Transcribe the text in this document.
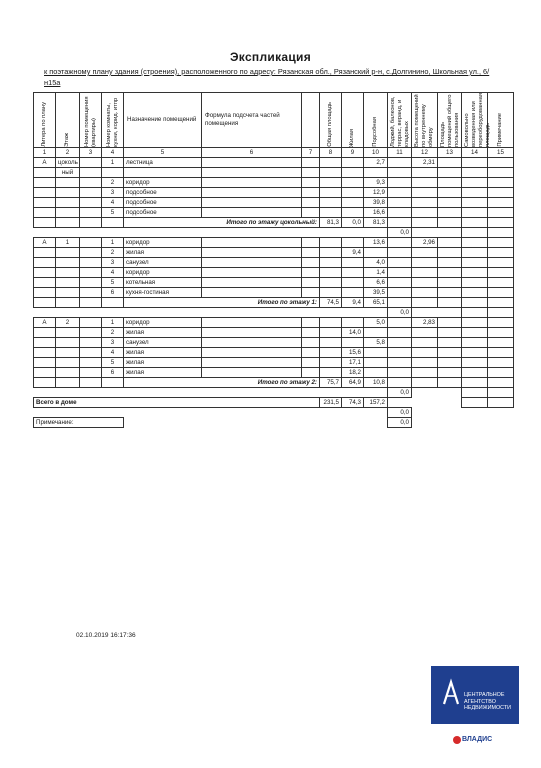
Экспликация
к поэтажному плану здания (строения), расположенного по адресу: Рязанская обл., Рязанский р-н, с.Долгинино, Школьная ул., 6/н15а
Литера по плану	Этаж	Номер помещения (квартиры)	Номер комнаты, кухни, корид. итпр	Назначение помещений	Формула подсчета частей помещения		Общая площадь	Жилая	Подсобная	Лоджий, балконов, террас, веранд, и кладовых	Высота помещений по внутреннему обмеру	Площадь помещений общего пользования	Самовольно возведенная или переоборудованная площадь	Примечание

1	2	3	4	5	6	7	8	9	10	11	12	13	14	15
А	цоколь		1	лестница					2,7		2,31			
	ный													
			2	коридор					9,3					
			3	подсобное					12,9					
			4	подсобное					39,8					
			5	подсобное					16,6					
				Итого по этажу цокольный:			81,3	0,0	81,3					
										0,0				
А	1		1	коридор					13,6		2,96			
			2	жилая				9,4						
			3	санузел					4,0					
			4	коридор					1,4					
			5	котельная					6,6					
			6	кухня-гостиная					39,5					
				Итого по этажу 1:			74,5	9,4	65,1					
										0,0				
А	2		1	коридор					5,0		2,83			
			2	жилая				14,0						
			3	санузел					5,8					
			4	жилая				15,6						
			5	жилая				17,1						
			6	жилая				18,2						
				Итого по этажу 2:			75,7	64,9	10,8					
										0,0				
Всего в доме							231,5	74,3	157,2					
										0,0				
Примечание:										0,0				
02.10.2019 16:17:36
ЦЕНТРАЛЬНОЕ
АГЕНТСТВО
НЕДВИЖИМОСТИ
ВЛАДИС
